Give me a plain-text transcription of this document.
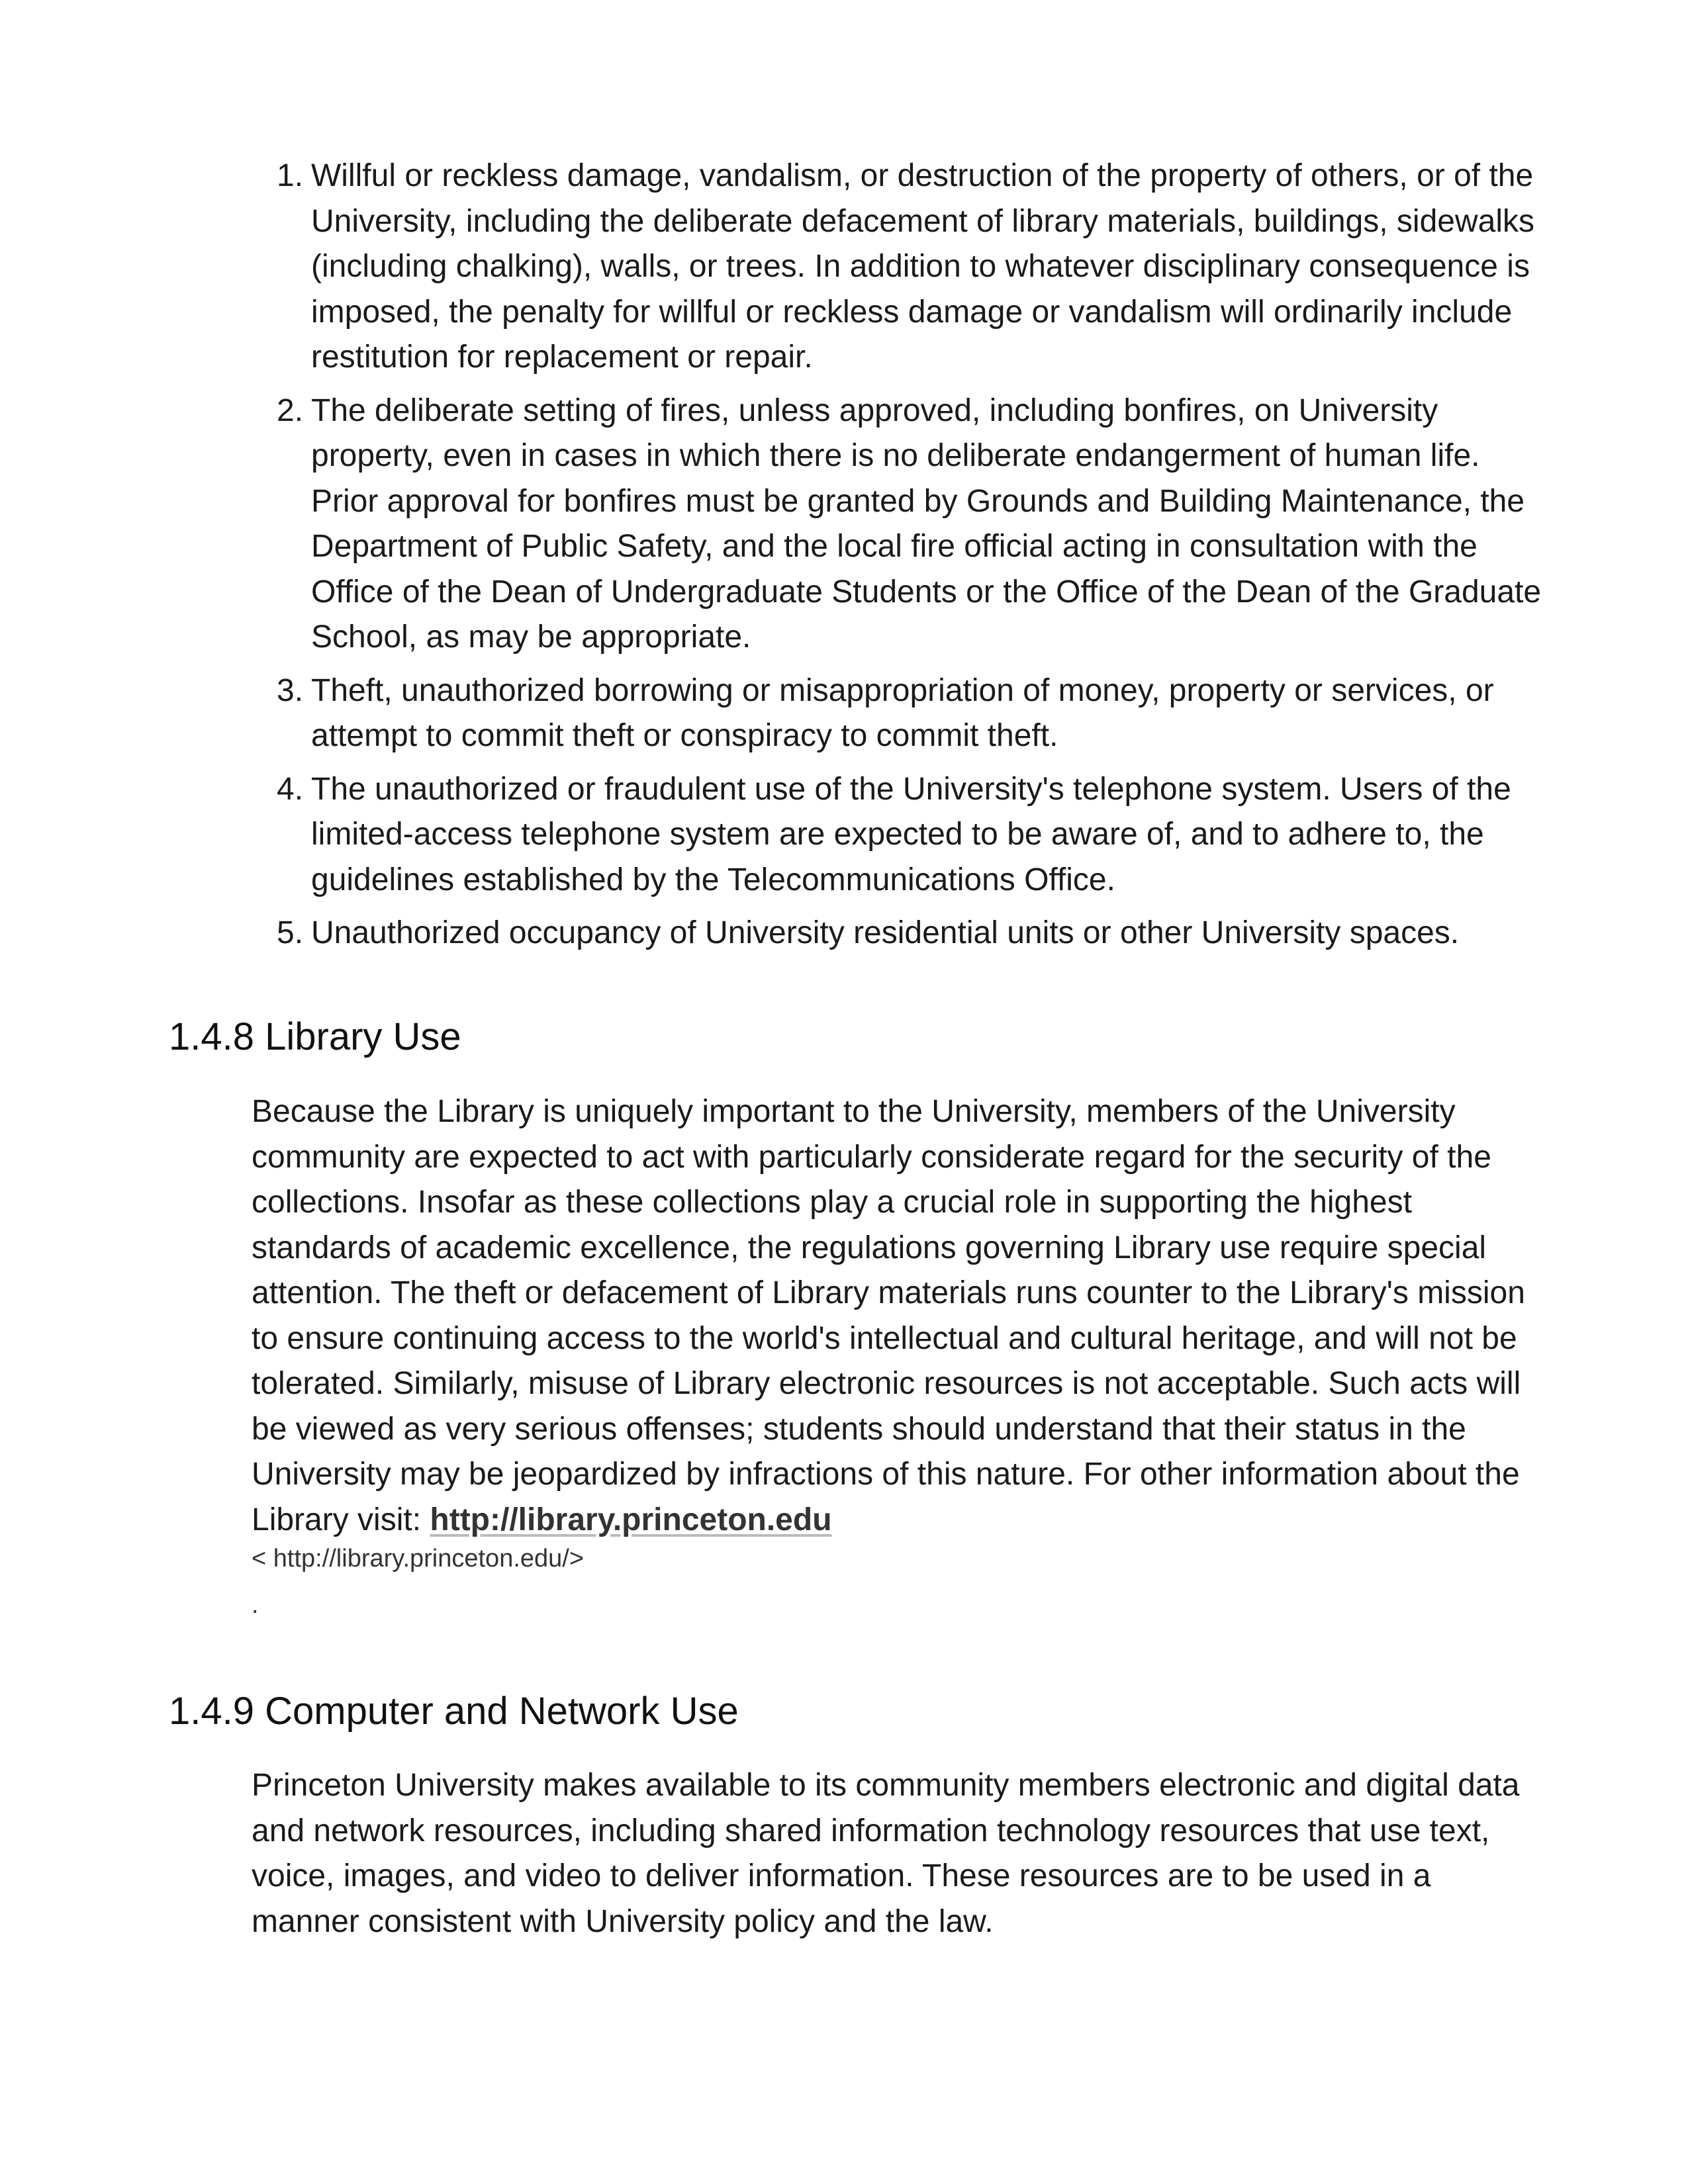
1. Willful or reckless damage, vandalism, or destruction of the property of others, or of the University, including the deliberate defacement of library materials, buildings, sidewalks (including chalking), walls, or trees. In addition to whatever disciplinary consequence is imposed, the penalty for willful or reckless damage or vandalism will ordinarily include restitution for replacement or repair.
2. The deliberate setting of fires, unless approved, including bonfires, on University property, even in cases in which there is no deliberate endangerment of human life. Prior approval for bonfires must be granted by Grounds and Building Maintenance, the Department of Public Safety, and the local fire official acting in consultation with the Office of the Dean of Undergraduate Students or the Office of the Dean of the Graduate School, as may be appropriate.
3. Theft, unauthorized borrowing or misappropriation of money, property or services, or attempt to commit theft or conspiracy to commit theft.
4. The unauthorized or fraudulent use of the University's telephone system. Users of the limited-access telephone system are expected to be aware of, and to adhere to, the guidelines established by the Telecommunications Office.
5. Unauthorized occupancy of University residential units or other University spaces.
1.4.8 Library Use

Because the Library is uniquely important to the University, members of the University community are expected to act with particularly considerate regard for the security of the collections. Insofar as these collections play a crucial role in supporting the highest standards of academic excellence, the regulations governing Library use require special attention. The theft or defacement of Library materials runs counter to the Library's mission to ensure continuing access to the world's intellectual and cultural heritage, and will not be tolerated. Similarly, misuse of Library electronic resources is not acceptable. Such acts will be viewed as very serious offenses; students should understand that their status in the University may be jeopardized by infractions of this nature. For other information about the Library visit: http://library.princeton.edu

< http://library.princeton.edu/>

.

1.4.9 Computer and Network Use

Princeton University makes available to its community members electronic and digital data and network resources, including shared information technology resources that use text, voice, images, and video to deliver information. These resources are to be used in a manner consistent with University policy and the law.
